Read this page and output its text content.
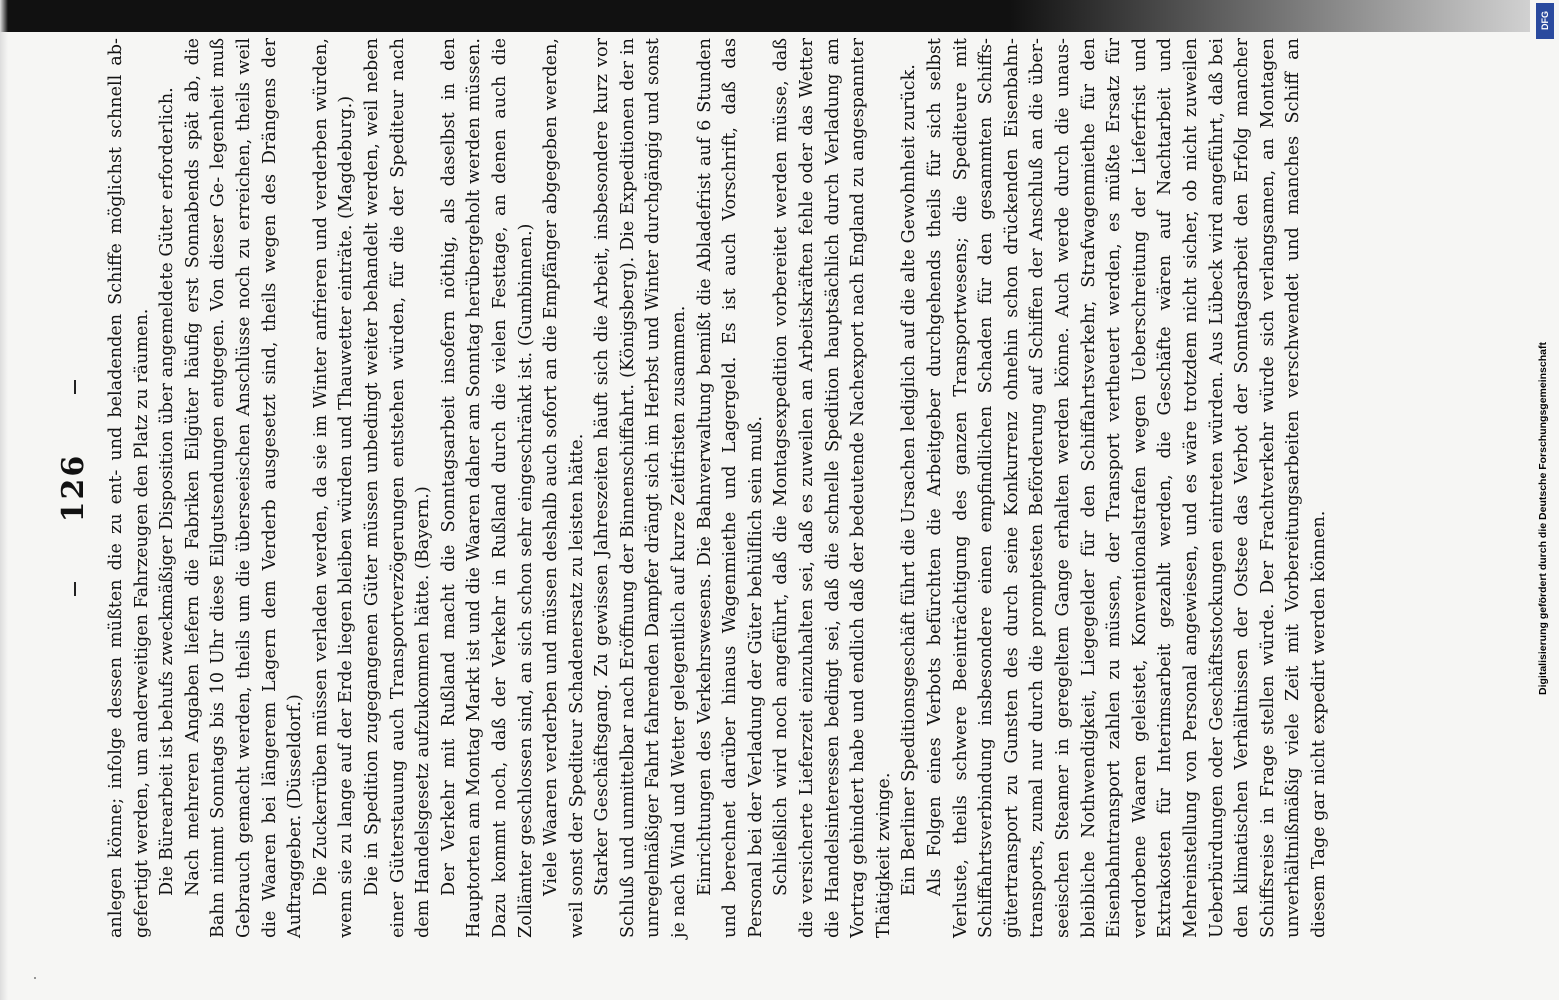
126 anlegen könne; infolge dessen müßten die zu ent- und beladenden Schiffe möglichst schnell ab- gefertigt werden, um anderweitigen Fahrzeugen den Platz zu räumen. Die Bürearbeit ist behufs zweckmäßiger Disposition über angemeldete Güter erforderlich. Nach mehreren Angaben liefern die Fabriken Eilgüter häufig erst Sonnabends spät ab, die Bahn nimmt Sonntags bis 10 Uhr diese Eilgutsendungen entgegen. Von dieser Ge- legenheit muß Gebrauch gemacht werden, theils um die überseeischen Anschlüsse noch zu erreichen, theils weil die Waaren bei längerem Lagern dem Verderb ausgesetzt sind, theils wegen des Drängens der Auftraggeber. (Düsseldorf.) Die Zuckerrüben müssen verladen werden, da sie im Winter anfrieren und verderben würden, wenn sie zu lange auf der Erde liegen bleiben würden und Thauwetter einträte. (Magdeburg.) Die in Spedition zugegangenen Güter müssen unbedingt weiter behandelt werden, weil neben einer Güterstauung auch Transportverzögerungen entstehen würden, für die der Spediteur nach dem Handelsgesetz aufzukommen hätte. (Bayern.) Der Verkehr mit Rußland macht die Sonntagsarbeit insofern nöthig, als daselbst in den Hauptorten am Montag Markt ist und die Waaren daher am Sonntag herübergeholt werden müssen. Dazu kommt noch, daß der Verkehr in Rußland durch die vielen Festtage, an denen auch die Zollämter geschlossen sind, an sich schon sehr eingeschränkt ist. (Gumbinnen.) Viele Waaren verderben und müssen deshalb auch sofort an die Empfänger abgegeben werden, weil sonst der Spediteur Schadenersatz zu leisten hätte. Starker Geschäftsgang. Zu gewissen Jahreszeiten häuft sich die Arbeit, insbesondere kurz vor Schluß und unmittelbar nach Eröffnung der Binnenschiffahrt. (Königsberg). Die Expeditionen der in unregelmäßiger Fahrt fahrenden Dampfer drängt sich im Herbst und Winter durchgängig und sonst je nach Wind und Wetter gelegentlich auf kurze Zeitfristen zusammen. Einrichtungen des Verkehrswesens. Die Bahnverwaltung bemißt die Abladefrist auf 6 Stunden und berechnet darüber hinaus Wagenmiethe und Lagergeld. Es ist auch Vorschrift, daß das Personal bei der Verladung der Güter behülflich sein muß. Schließlich wird noch angeführt, daß die Montagsexpedition vorbereitet werden müsse, daß die versicherte Lieferzeit einzuhalten sei, daß es zuweilen an Arbeitskräften fehle oder das Wetter die Handelsinteressen bedingt sei, daß die schnelle Spedition hauptsächlich durch Verladung am Vortrag gehindert habe und endlich daß der bedeutende Nachexport nach England zu angespannter Thätigkeit zwinge. Ein Berliner Speditionsgeschäft führt die Ursachen lediglich auf die alte Gewohnheit zurück. Als Folgen eines Verbots befürchten die Arbeitgeber durchgehends theils für sich selbst Verluste, theils schwere Beeinträchtigung des ganzen Transportwesens; die Spediteure mit Schiffahrtsverbindung insbesondere einen empfindlichen Schaden für den gesammten Schiffs- gütertransport zu Gunsten des durch seine Konkurrenz ohnehin schon drückenden Eisenbahn- transports, zumal nur durch die promptesten Beförderung auf Schiffen der Anschluß an die über- seeischen Steamer in geregeltem Gange erhalten werden könne. Auch werde durch die unaus- bleibliche Nothwendigkeit, Liegegelder für den Schiffahrtsverkehr, Strafwagenmiethe für den Eisenbahntransport zahlen zu müssen, der Transport vertheuert werden, es müßte Ersatz für verdorbene Waaren geleistet, Konventionalstrafen wegen Ueberschreitung der Lieferfrist und Extrakosten für Interimsarbeit gezahlt werden, die Geschäfte wären auf Nachtarbeit und Mehreinstellung von Personal angewiesen, und es wäre trotzdem nicht sicher, ob nicht zuweilen Ueberbürdungen oder Geschäftsstockungen eintreten würden. Aus Lübeck wird angeführt, daß bei den klimatischen Verhältnissen der Ostsee das Verbot der Sonntagsarbeit den Erfolg mancher Schiffsreise in Frage stellen würde. Der Frachtverkehr würde sich verlangsamen, an Montagen unverhältnißmäßig viele Zeit mit Vorbereitungsarbeiten verschwendet und manches Schiff an diesem Tage gar nicht expedirt werden können.

DFG
Digitalisierung gefördert durch die Deutsche Forschungsgemeinschaft
